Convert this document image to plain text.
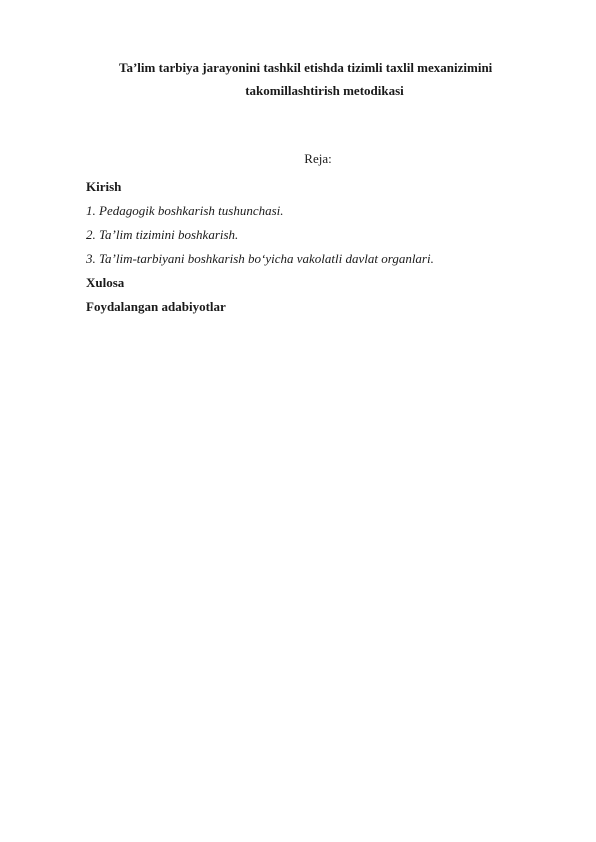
Ta’lim tarbiya jarayonini tashkil etishda tizimli taxlil mexanizimini

takomillashtirish metodikasi

Reja:
Kirish
1. Pedagogik boshkarish tushunchasi.
2. Ta’lim tizimini boshkarish.
3. Ta’lim-tarbiyani boshkarish bo‘yicha vakolatli davlat organlari.
Xulosa
Foydalangan adabiyotlar
